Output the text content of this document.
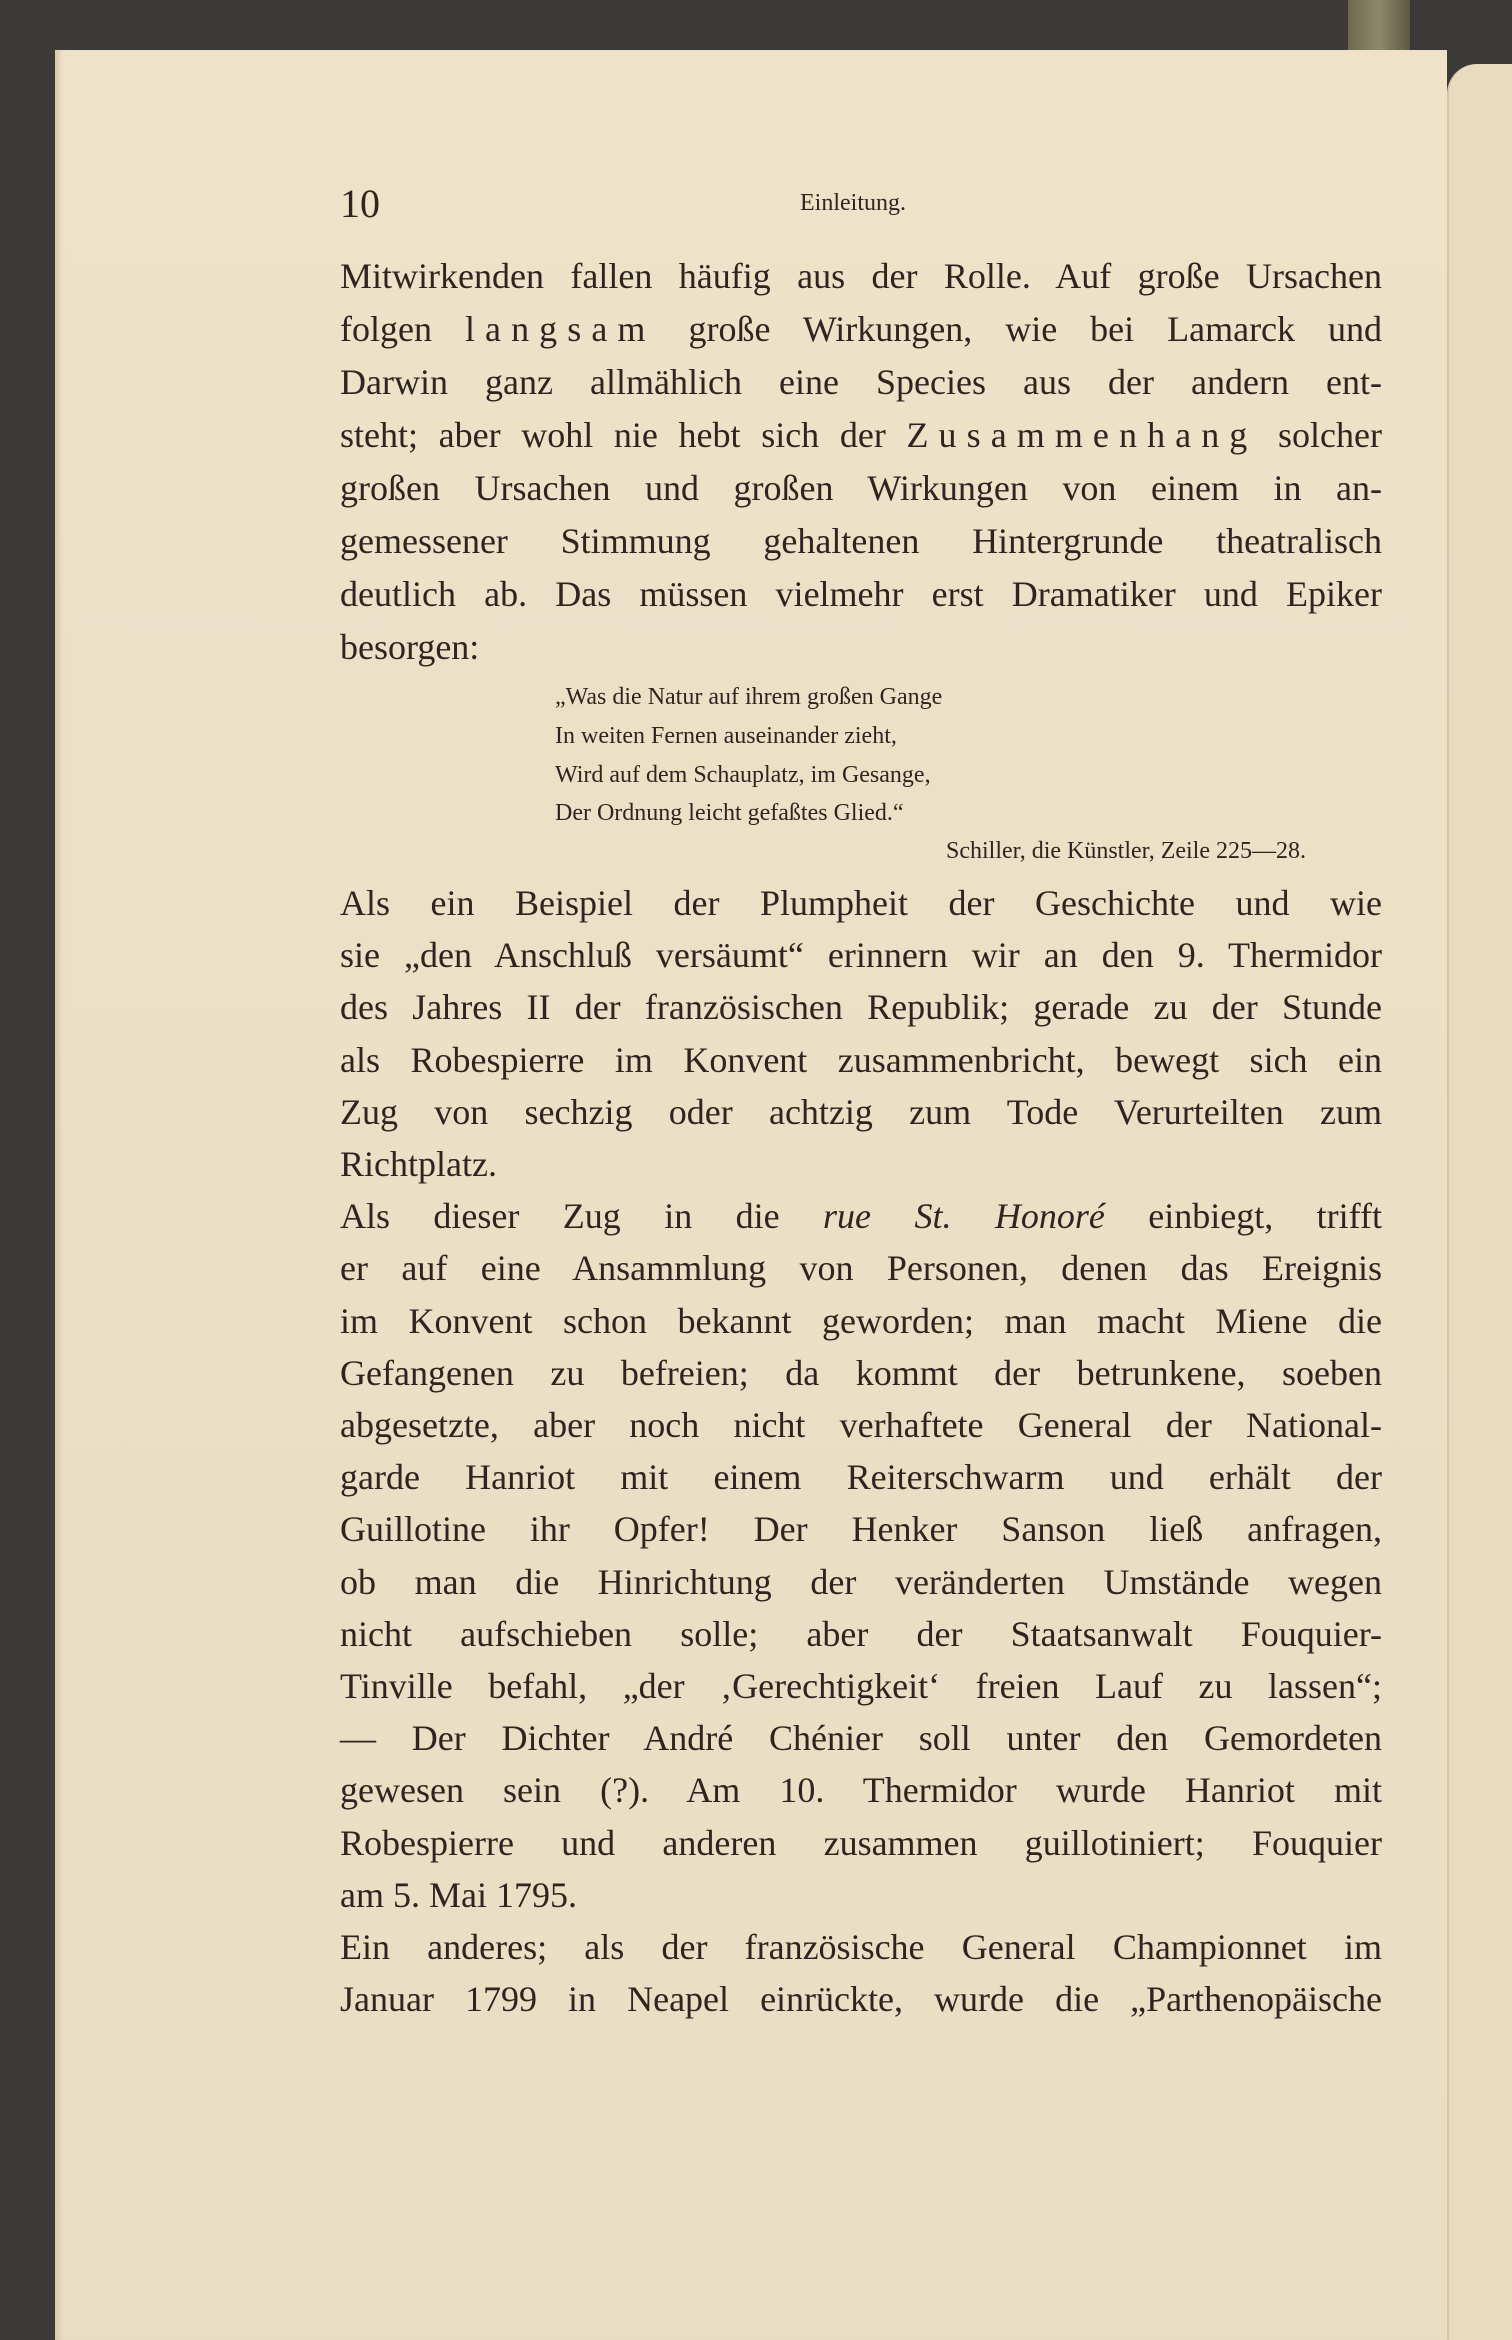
10	Einleitung.
Mitwirkenden fallen häufig aus der Rolle. Auf große Ursachen
folgen langsam große Wirkungen, wie bei Lamarck und
Darwin ganz allmählich eine Species aus der andern ent-
steht; aber wohl nie hebt sich der Zusammenhang solcher
großen Ursachen und großen Wirkungen von einem in an-
gemessener Stimmung gehaltenen Hintergrunde theatralisch
deutlich ab. Das müssen vielmehr erst Dramatiker und Epiker
besorgen:
„Was die Natur auf ihrem großen Gange
In weiten Fernen auseinander zieht,
Wird auf dem Schauplatz, im Gesange,
Der Ordnung leicht gefaßtes Glied.“
Schiller, die Künstler, Zeile 225—28.
Als ein Beispiel der Plumpheit der Geschichte und wie
sie „den Anschluß versäumt“ erinnern wir an den 9. Thermidor
des Jahres II der französischen Republik; gerade zu der Stunde
als Robespierre im Konvent zusammenbricht, bewegt sich ein
Zug von sechzig oder achtzig zum Tode Verurteilten zum
Richtplatz.
Als dieser Zug in die rue St. Honoré einbiegt, trifft
er auf eine Ansammlung von Personen, denen das Ereignis
im Konvent schon bekannt geworden; man macht Miene die
Gefangenen zu befreien; da kommt der betrunkene, soeben
abgesetzte, aber noch nicht verhaftete General der National-
garde Hanriot mit einem Reiterschwarm und erhält der
Guillotine ihr Opfer! Der Henker Sanson ließ anfragen,
ob man die Hinrichtung der veränderten Umstände wegen
nicht aufschieben solle; aber der Staatsanwalt Fouquier-
Tinville befahl, „der ‚Gerechtigkeit‘ freien Lauf zu lassen“;
— Der Dichter André Chénier soll unter den Gemordeten
gewesen sein (?). Am 10. Thermidor wurde Hanriot mit
Robespierre und anderen zusammen guillotiniert; Fouquier
am 5. Mai 1795.
Ein anderes; als der französische General Championnet im
Januar 1799 in Neapel einrückte, wurde die „Parthenopäische
